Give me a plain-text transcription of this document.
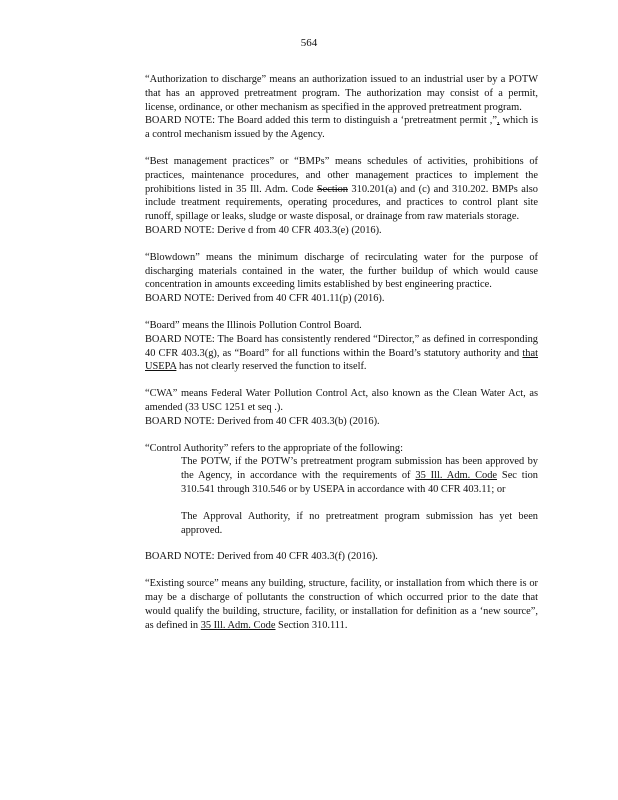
564

“Authorization to discharge” means an authorization issued to an industrial user by a POTW that has an approved pretreatment program. The authorization may consist of a permit, license, ordinance, or other mechanism as specified in the approved pretreatment program.

BOARD NOTE: The Board added this term to distinguish a ‘pretreatment permit ,”, which is a control mechanism issued by the Agency.

“Best management practices” or “BMPs” means schedules of activities, prohibitions of practices, maintenance procedures, and other management practices to implement the prohibitions listed in 35 Ill. Adm. Code Section 310.201(a) and (c) and 310.202. BMPs also include treatment requirements, operating procedures, and practices to control plant site runoff, spillage or leaks, sludge or waste disposal, or drainage from raw materials storage.

BOARD NOTE: Derive d from 40 CFR 403.3(e) (2016).

“Blowdown” means the minimum discharge of recirculating water for the purpose of discharging materials contained in the water, the further buildup of which would cause concentration in amounts exceeding limits established by best engineering practice.

BOARD NOTE: Derived from 40 CFR 401.11(p) (2016).

“Board” means the Illinois Pollution Control Board.

BOARD NOTE: The Board has consistently rendered “Director,” as defined in corresponding 40 CFR 403.3(g), as “Board” for all functions within the Board’s statutory authority and that USEPA has not clearly reserved the function to itself.

“CWA” means Federal Water Pollution Control Act, also known as the Clean Water Act, as amended (33 USC 1251 et seq .).

BOARD NOTE: Derived from 40 CFR 403.3(b) (2016).

“Control Authority” refers to the appropriate of the following:

The POTW, if the POTW’s pretreatment program submission has been approved by the Agency, in accordance with the requirements of 35 Ill. Adm. Code Sec tion 310.541 through 310.546 or by USEPA in accordance with 40 CFR 403.11; or

The Approval Authority, if no pretreatment program submission has yet been approved.

BOARD NOTE: Derived from 40 CFR 403.3(f) (2016).

“Existing source” means any building, structure, facility, or installation from which there is or may be a discharge of pollutants the construction of which occurred prior to the date that would qualify the building, structure, facility, or installation for definition as a ‘new source”, as defined in 35 Ill. Adm. Code Section 310.111.
